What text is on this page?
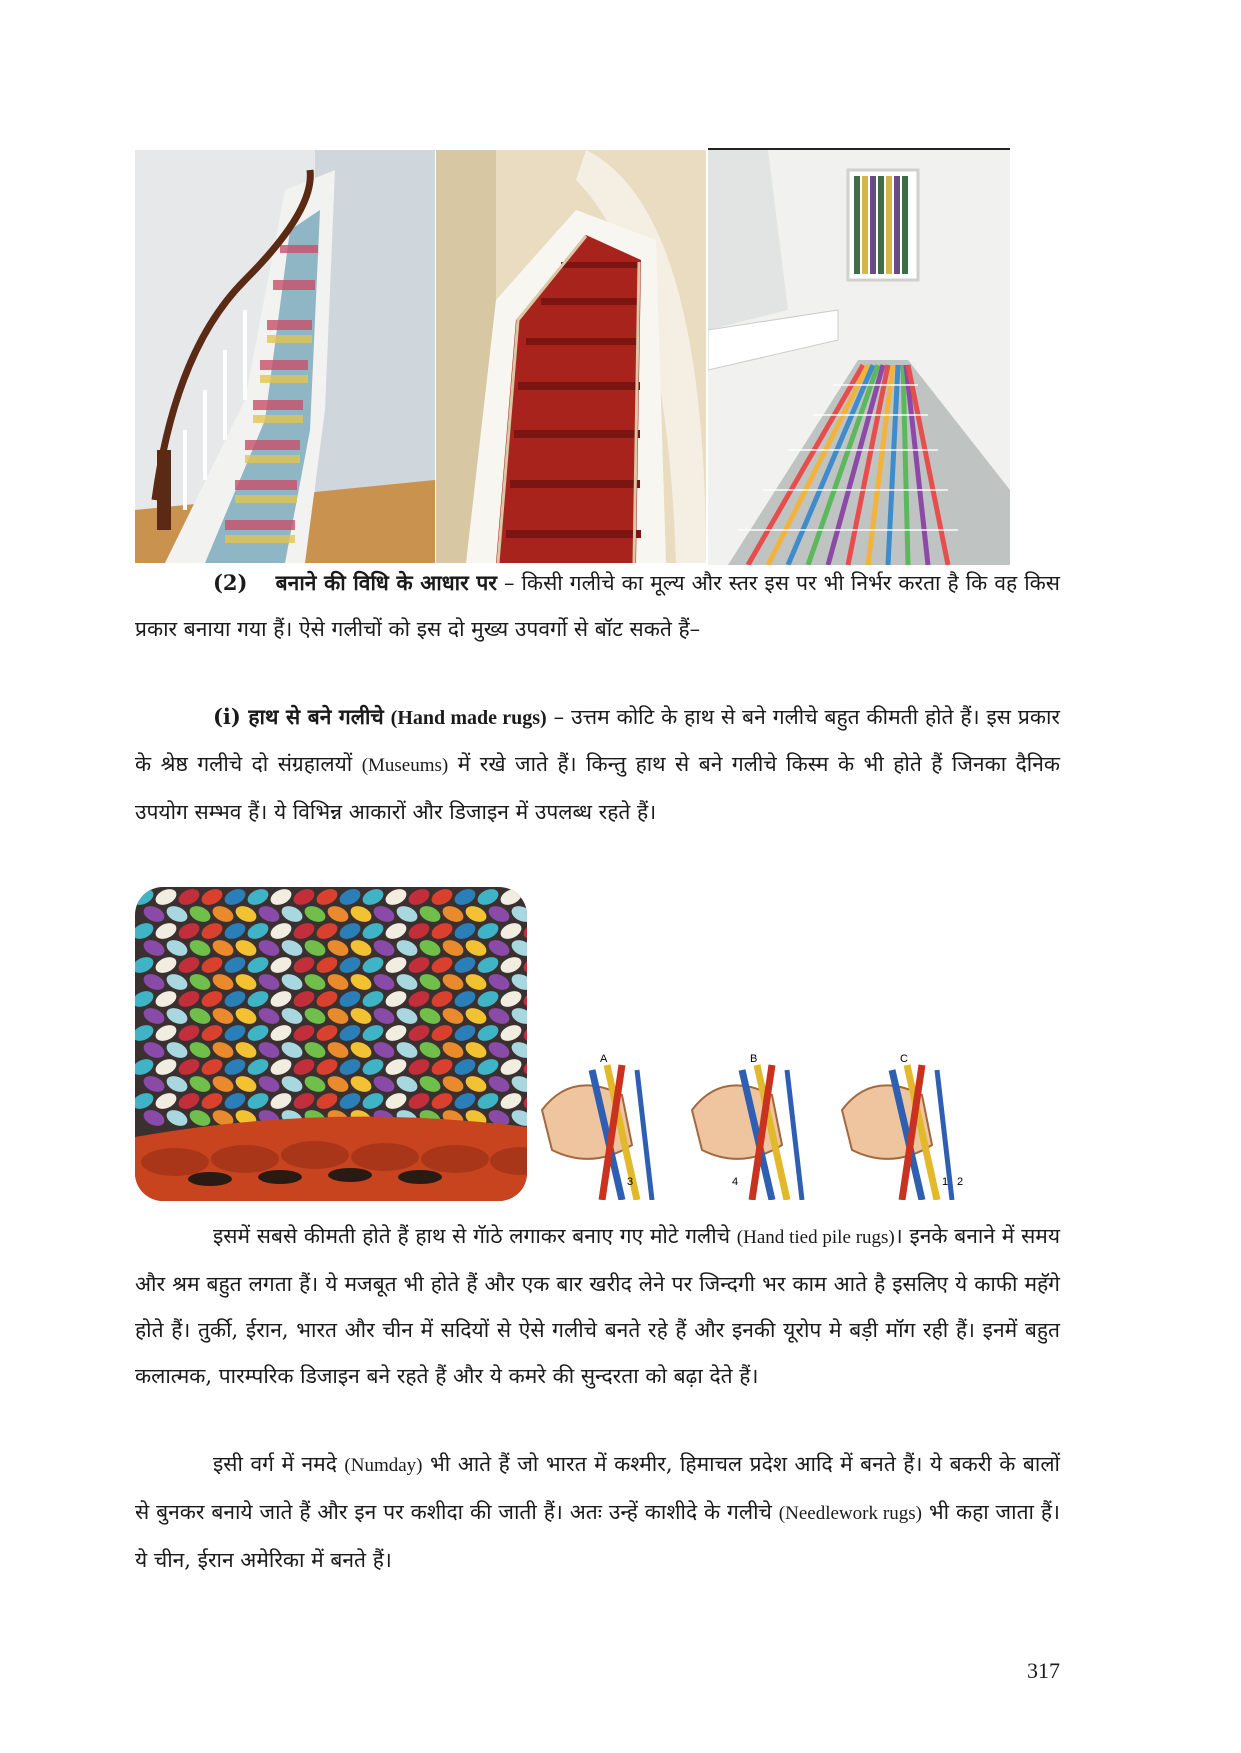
(2) बनाने की विधि के आधार पर – किसी गलीचे का मूल्य और स्तर इस पर भी निर्भर करता है कि वह किस प्रकार बनाया गया हैं। ऐसे गलीचों को इस दो मुख्य उपवर्गो से बॉट सकते हैं–

(i) हाथ से बने गलीचे (Hand made rugs) – उत्तम कोटि के हाथ से बने गलीचे बहुत कीमती होते हैं। इस प्रकार के श्रेष्ठ गलीचे दो संग्रहालयों (Museums) में रखे जाते हैं। किन्तु हाथ से बने गलीचे किस्म के भी होते हैं जिनका दैनिक उपयोग सम्भव हैं। ये विभिन्न आकारों और डिजाइन में उपलब्ध रहते हैं।

A
3
B
4
C
1 2

इसमें सबसे कीमती होते हैं हाथ से गॅाठे लगाकर बनाए गए मोटे गलीचे (Hand tied pile rugs)। इनके बनाने में समय और श्रम बहुत लगता हैं। ये मजबूत भी होते हैं और एक बार खरीद लेने पर जिन्दगी भर काम आते है इसलिए ये काफी महॅगे होते हैं। तुर्की, ईरान, भारत और चीन में सदियों से ऐसे गलीचे बनते रहे हैं और इनकी यूरोप मे बड़ी मॉग रही हैं। इनमें बहुत कलात्मक, पारम्परिक डिजाइन बने रहते हैं और ये कमरे की सुन्दरता को बढ़ा देते हैं।

इसी वर्ग में नमदे (Numday) भी आते हैं जो भारत में कश्मीर, हिमाचल प्रदेश आदि में बनते हैं। ये बकरी के बालों से बुनकर बनाये जाते हैं और इन पर कशीदा की जाती हैं। अतः उन्हें काशीदे के गलीचे (Needlework rugs) भी कहा जाता हैं। ये चीन, ईरान अमेरिका में बनते हैं।

317
